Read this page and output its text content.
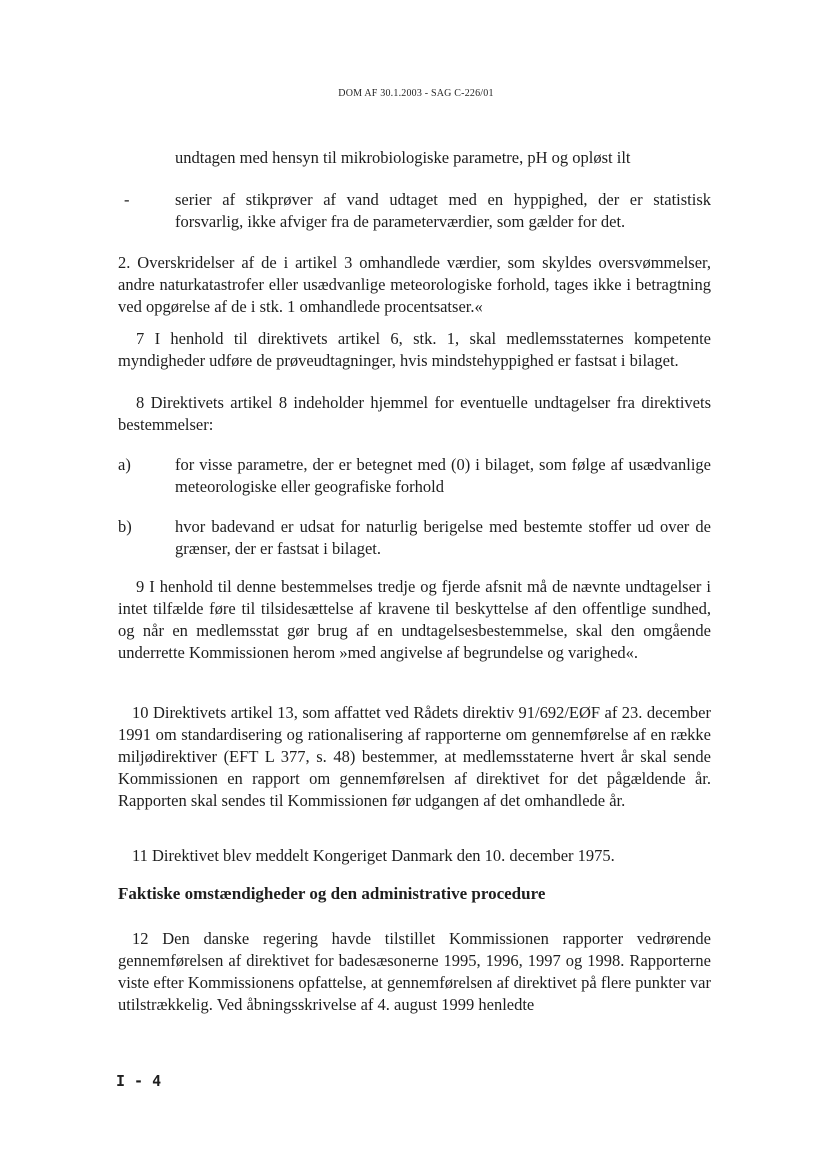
DOM AF 30.1.2003 - SAG C-226/01

undtagen med hensyn til mikrobiologiske parametre, pH og opløst ilt

-	serier af stikprøver af vand udtaget med en hyppighed, der er statistisk forsvarlig, ikke afviger fra de parameterværdier, som gælder for det.

2. Overskridelser af de i artikel 3 omhandlede værdier, som skyldes oversvømmelser, andre naturkatastrofer eller usædvanlige meteorologiske forhold, tages ikke i betragtning ved opgørelse af de i stk. 1 omhandlede procentsatser.«

7 I henhold til direktivets artikel 6, stk. 1, skal medlemsstaternes kompetente myndigheder udføre de prøveudtagninger, hvis mindstehyppighed er fastsat i bilaget.

8 Direktivets artikel 8 indeholder hjemmel for eventuelle undtagelser fra direktivets bestemmelser:

a)	for visse parametre, der er betegnet med (0) i bilaget, som følge af usædvanlige meteorologiske eller geografiske forhold

b)	hvor badevand er udsat for naturlig berigelse med bestemte stoffer ud over de grænser, der er fastsat i bilaget.

9 I henhold til denne bestemmelses tredje og fjerde afsnit må de nævnte undtagelser i intet tilfælde føre til tilsidesættelse af kravene til beskyttelse af den offentlige sundhed, og når en medlemsstat gør brug af en undtagelsesbestemmelse, skal den omgående underrette Kommissionen herom »med angivelse af begrundelse og varighed«.

10 Direktivets artikel 13, som affattet ved Rådets direktiv 91/692/EØF af 23. december 1991 om standardisering og rationalisering af rapporterne om gennemførelse af en række miljødirektiver (EFT L 377, s. 48) bestemmer, at medlemsstaterne hvert år skal sende Kommissionen en rapport om gennemførelsen af direktivet for det pågældende år. Rapporten skal sendes til Kommissionen før udgangen af det omhandlede år.

11 Direktivet blev meddelt Kongeriget Danmark den 10. december 1975.

Faktiske omstændigheder og den administrative procedure

12 Den danske regering havde tilstillet Kommissionen rapporter vedrørende gennemførelsen af direktivet for badesæsonerne 1995, 1996, 1997 og 1998. Rapporterne viste efter Kommissionens opfattelse, at gennemførelsen af direktivet på flere punkter var utilstrækkelig. Ved åbningsskrivelse af 4. august 1999 henledte

I - 4
